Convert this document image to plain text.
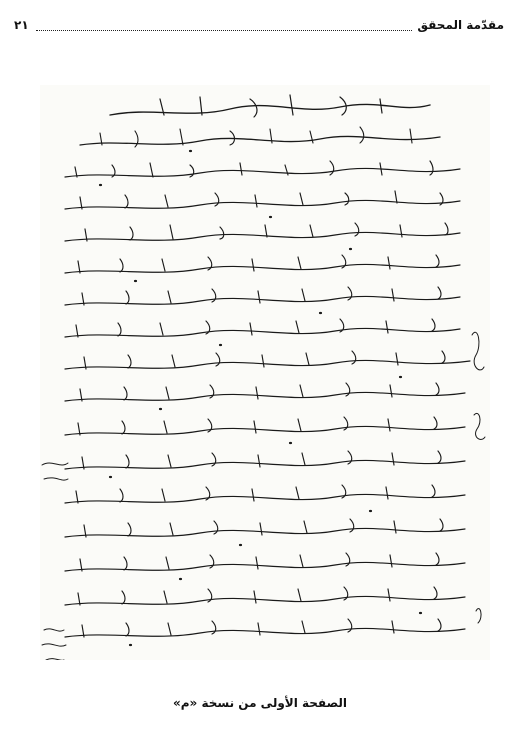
مقدّمة المحقق
٢١
الصفحة الأولى من نسخة «م»
